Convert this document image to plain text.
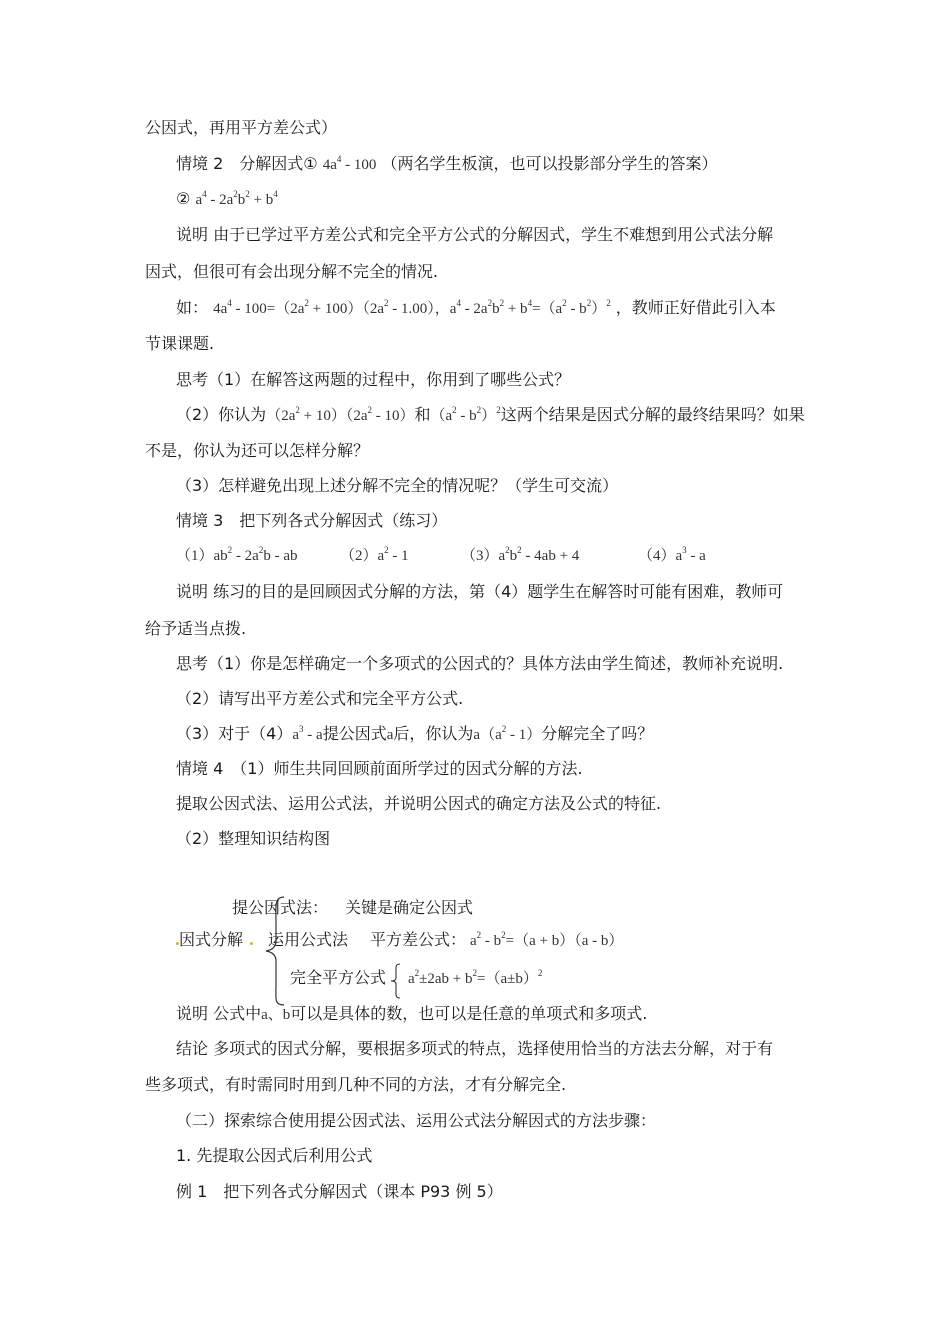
公因式，再用平方差公式）
情境 2　分解因式① $4a^4 - 100$ （两名学生板演，也可以投影部分学生的答案）
② $a^4 - 2a^2b^2 + b^4$
说明 由于已学过平方差公式和完全平方公式的分解因式，学生不难想到用公式法分解
因式，但很可有会出现分解不完全的情况.
如： $4a^4 - 100=(2a^2 + 100)(2a^2 - 1.00)$，$a^4 - 2a^2b^2 + b^4=(a^2 - b^2)^2$ ，教师正好借此引入本
节课课题.
思考（1）在解答这两题的过程中，你用到了哪些公式？
（2）你认为$(2a^2 + 10)(2a^2 - 10)$和$(a^2 - b^2)^2$这两个结果是因式分解的最终结果吗？如果
不是，你认为还可以怎样分解？
（3）怎样避免出现上述分解不完全的情况呢？（学生可交流）
情境 3　把下列各式分解因式（练习）
$(1)ab^2 - 2a^2b$ - ab	$(2)a^2 - 1$	$(3)a^2b^2 - 4ab + 4$	$(4)a^3$ - a
说明 练习的目的是回顾因式分解的方法，第（4）题学生在解答时可能有困难，教师可
给予适当点拨.
思考（1）你是怎样确定一个多项式的公因式的？具体方法由学生简述，教师补充说明.
（2）请写出平方差公式和完全平方公式.
（3）对于$(4)a^3$ - a提公因式a后，你认为$a(a^2 - 1)$分解完全了吗？
情境 4　（1）师生共同回顾前面所学过的因式分解的方法.
提取公因式法、运用公式法，并说明公因式的确定方法及公式的特征.
（2）整理知识结构图
提公因式法： 关键是确定公因式
因式分解 运用公式法 平方差公式： $a^2 - b^2=(a + b)(a - b)$
完全平方公式 $a^2\pm 2ab + b^2=(a\pm b)^2$
说明 公式中a、b可以是具体的数，也可以是任意的单项式和多项式.
结论 多项式的因式分解，要根据多项式的特点，选择使用恰当的方法去分解，对于有
些多项式，有时需同时用到几种不同的方法，才有分解完全.
（二）探索综合使用提公因式法、运用公式法分解因式的方法步骤：
1. 先提取公因式后利用公式
例 1　把下列各式分解因式（课本 P93 例 5）
